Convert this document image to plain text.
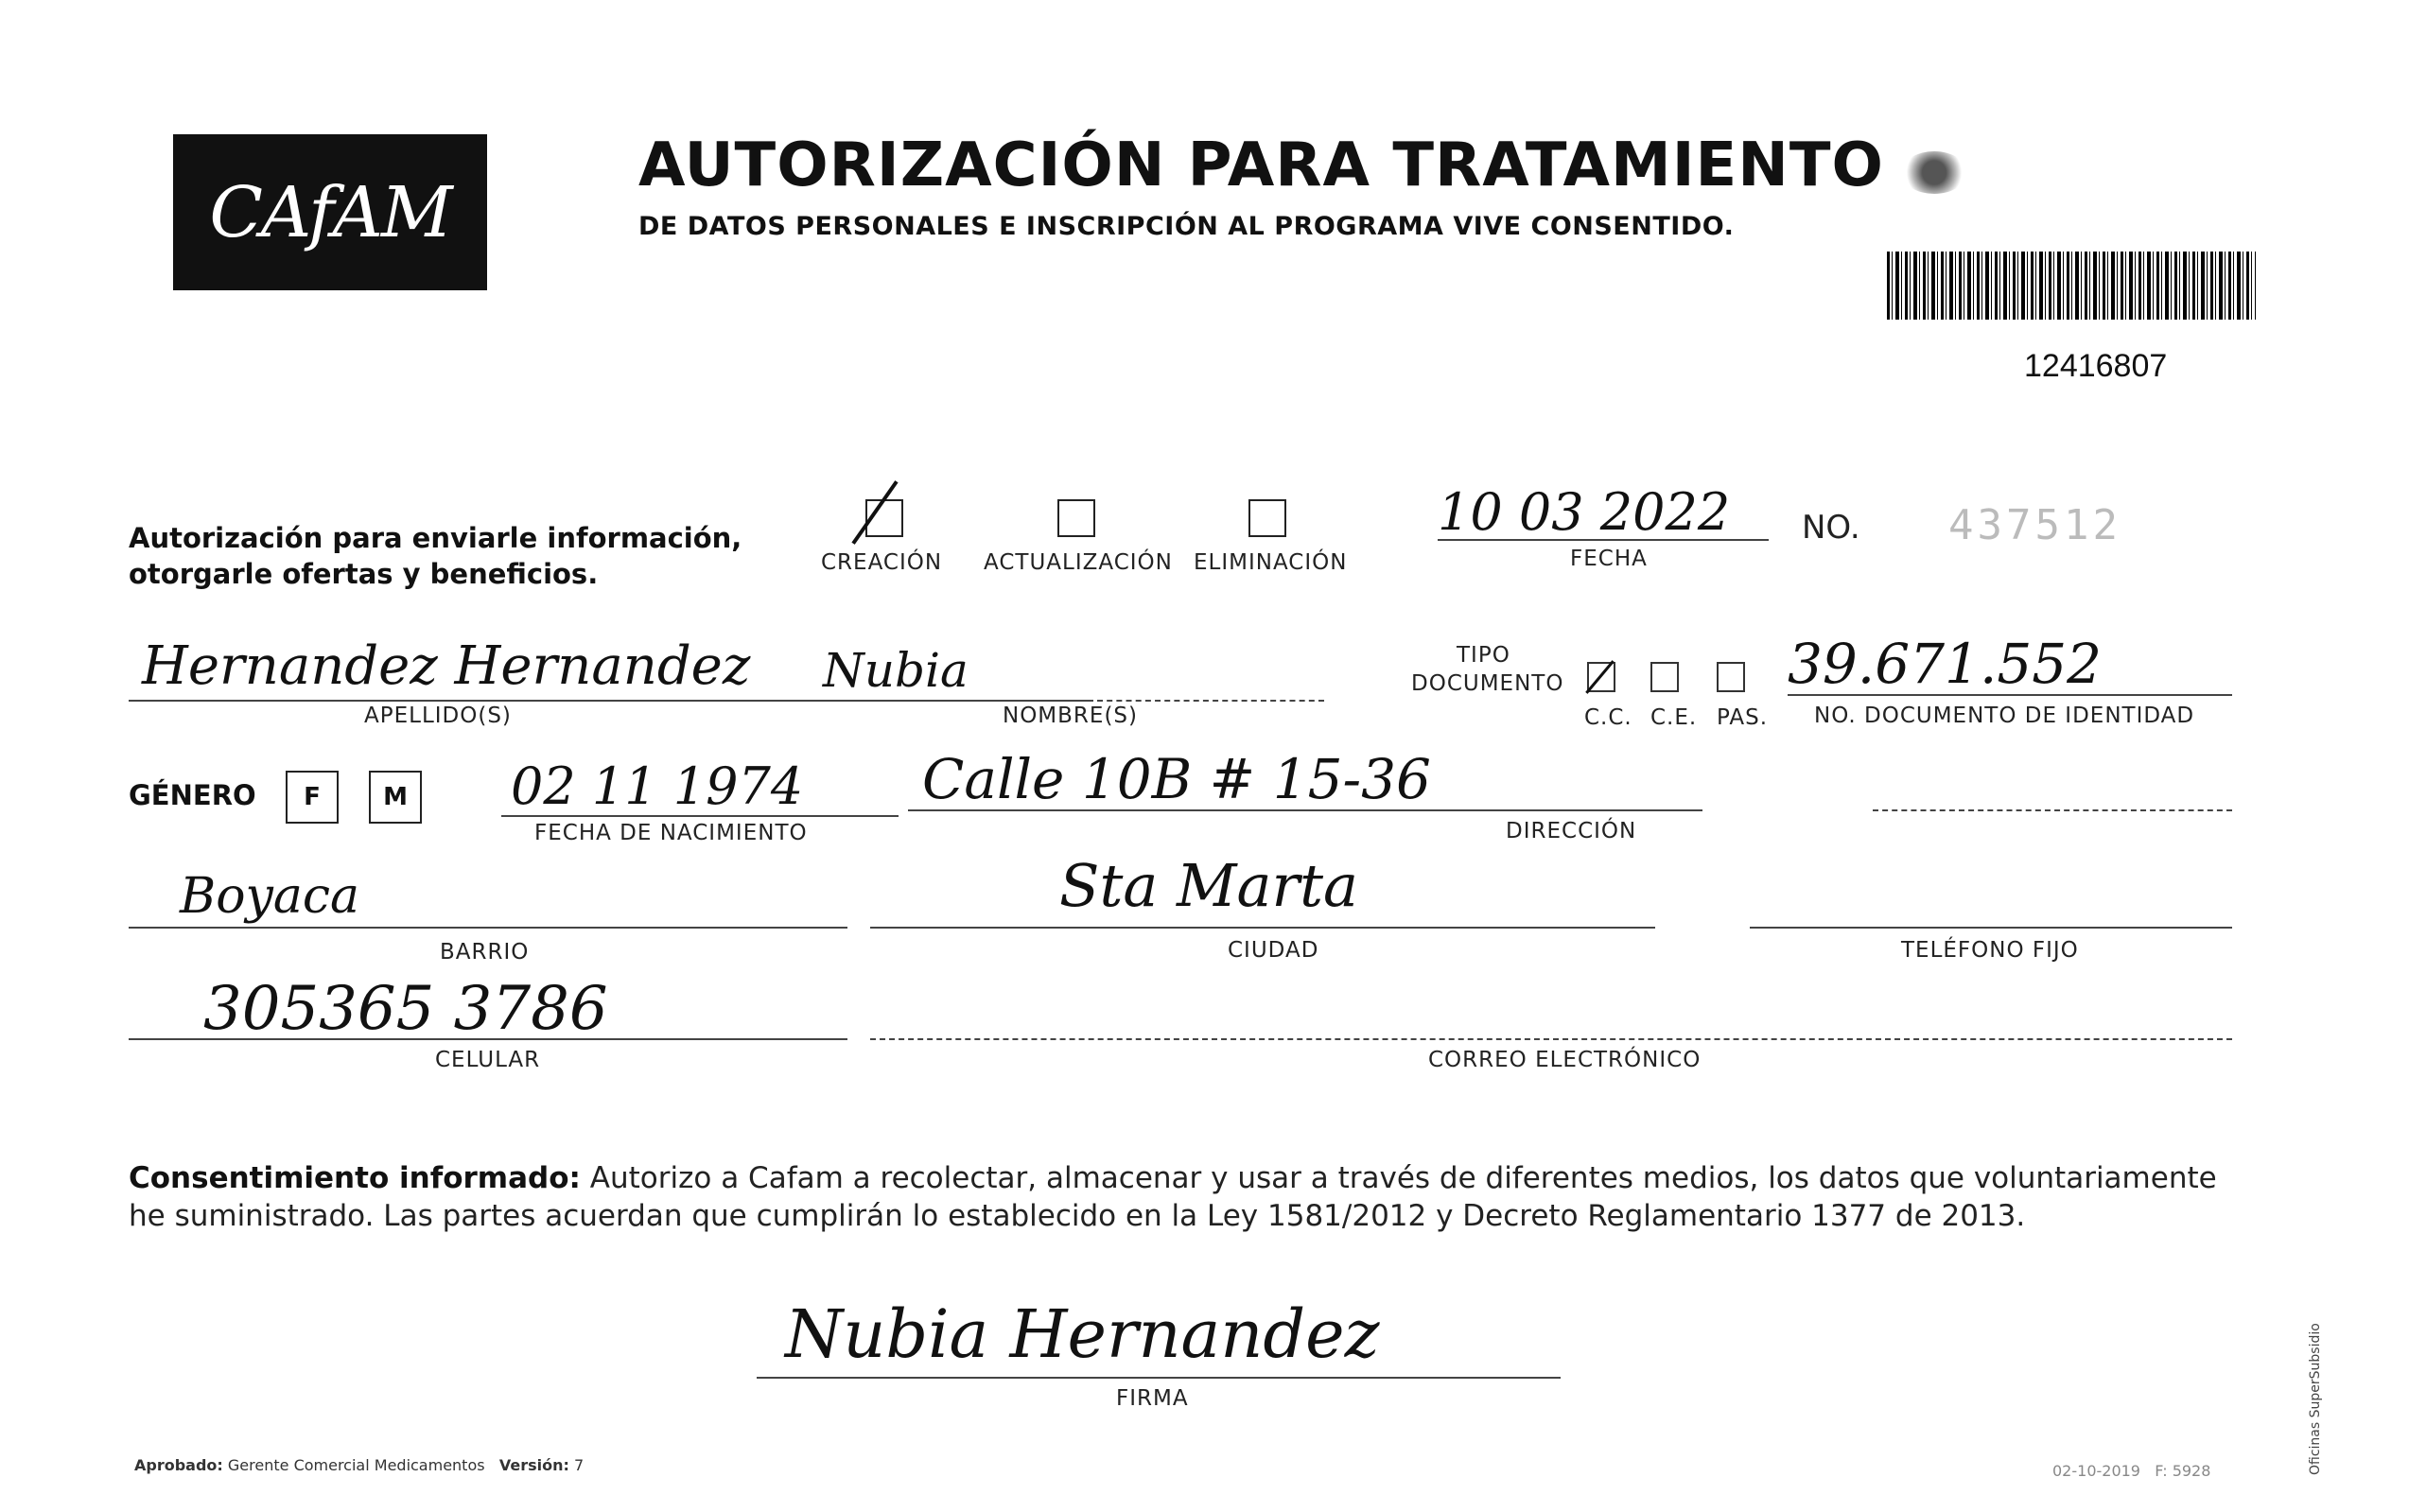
CAfAM
AUTORIZACIÓN PARA TRATAMIENTO
DE DATOS PERSONALES E INSCRIPCIÓN AL PROGRAMA VIVE CONSENTIDO.
12416807
Autorización para enviarle información,
otorgarle ofertas y beneficios.	CREACIÓN ACTUALIZACIÓN ELIMINACIÓN
10 03 2022
FECHA
NO. 437512
Hernandez Hernandez
APELLIDO(S)
Nubia
NOMBRE(S)
TIPO
DOCUMENTO
C.C. C.E. PAS.
39.671.552
NO. DOCUMENTO DE IDENTIDAD
GÉNERO F	M 02 11 1974
FECHA DE NACIMIENTO
Calle 10B # 15-36
DIRECCIÓN
Boyaca
BARRIO
Sta Marta
CIUDAD	TELÉFONO FIJO
305365 3786
CELULAR	CORREO ELECTRÓNICO
Consentimiento informado: Autorizo a Cafam a recolectar, almacenar y usar a través de diferentes medios, los datos que voluntariamente he suministrado. Las partes acuerdan que cumplirán lo establecido en la Ley 1581/2012 y Decreto Reglamentario 1377 de 2013.
Nubia Hernandez
FIRMA
Aprobado: Gerente Comercial Medicamentos Versión: 7	02-10-2019 F: 5928	Oficinas SuperSubsidio
